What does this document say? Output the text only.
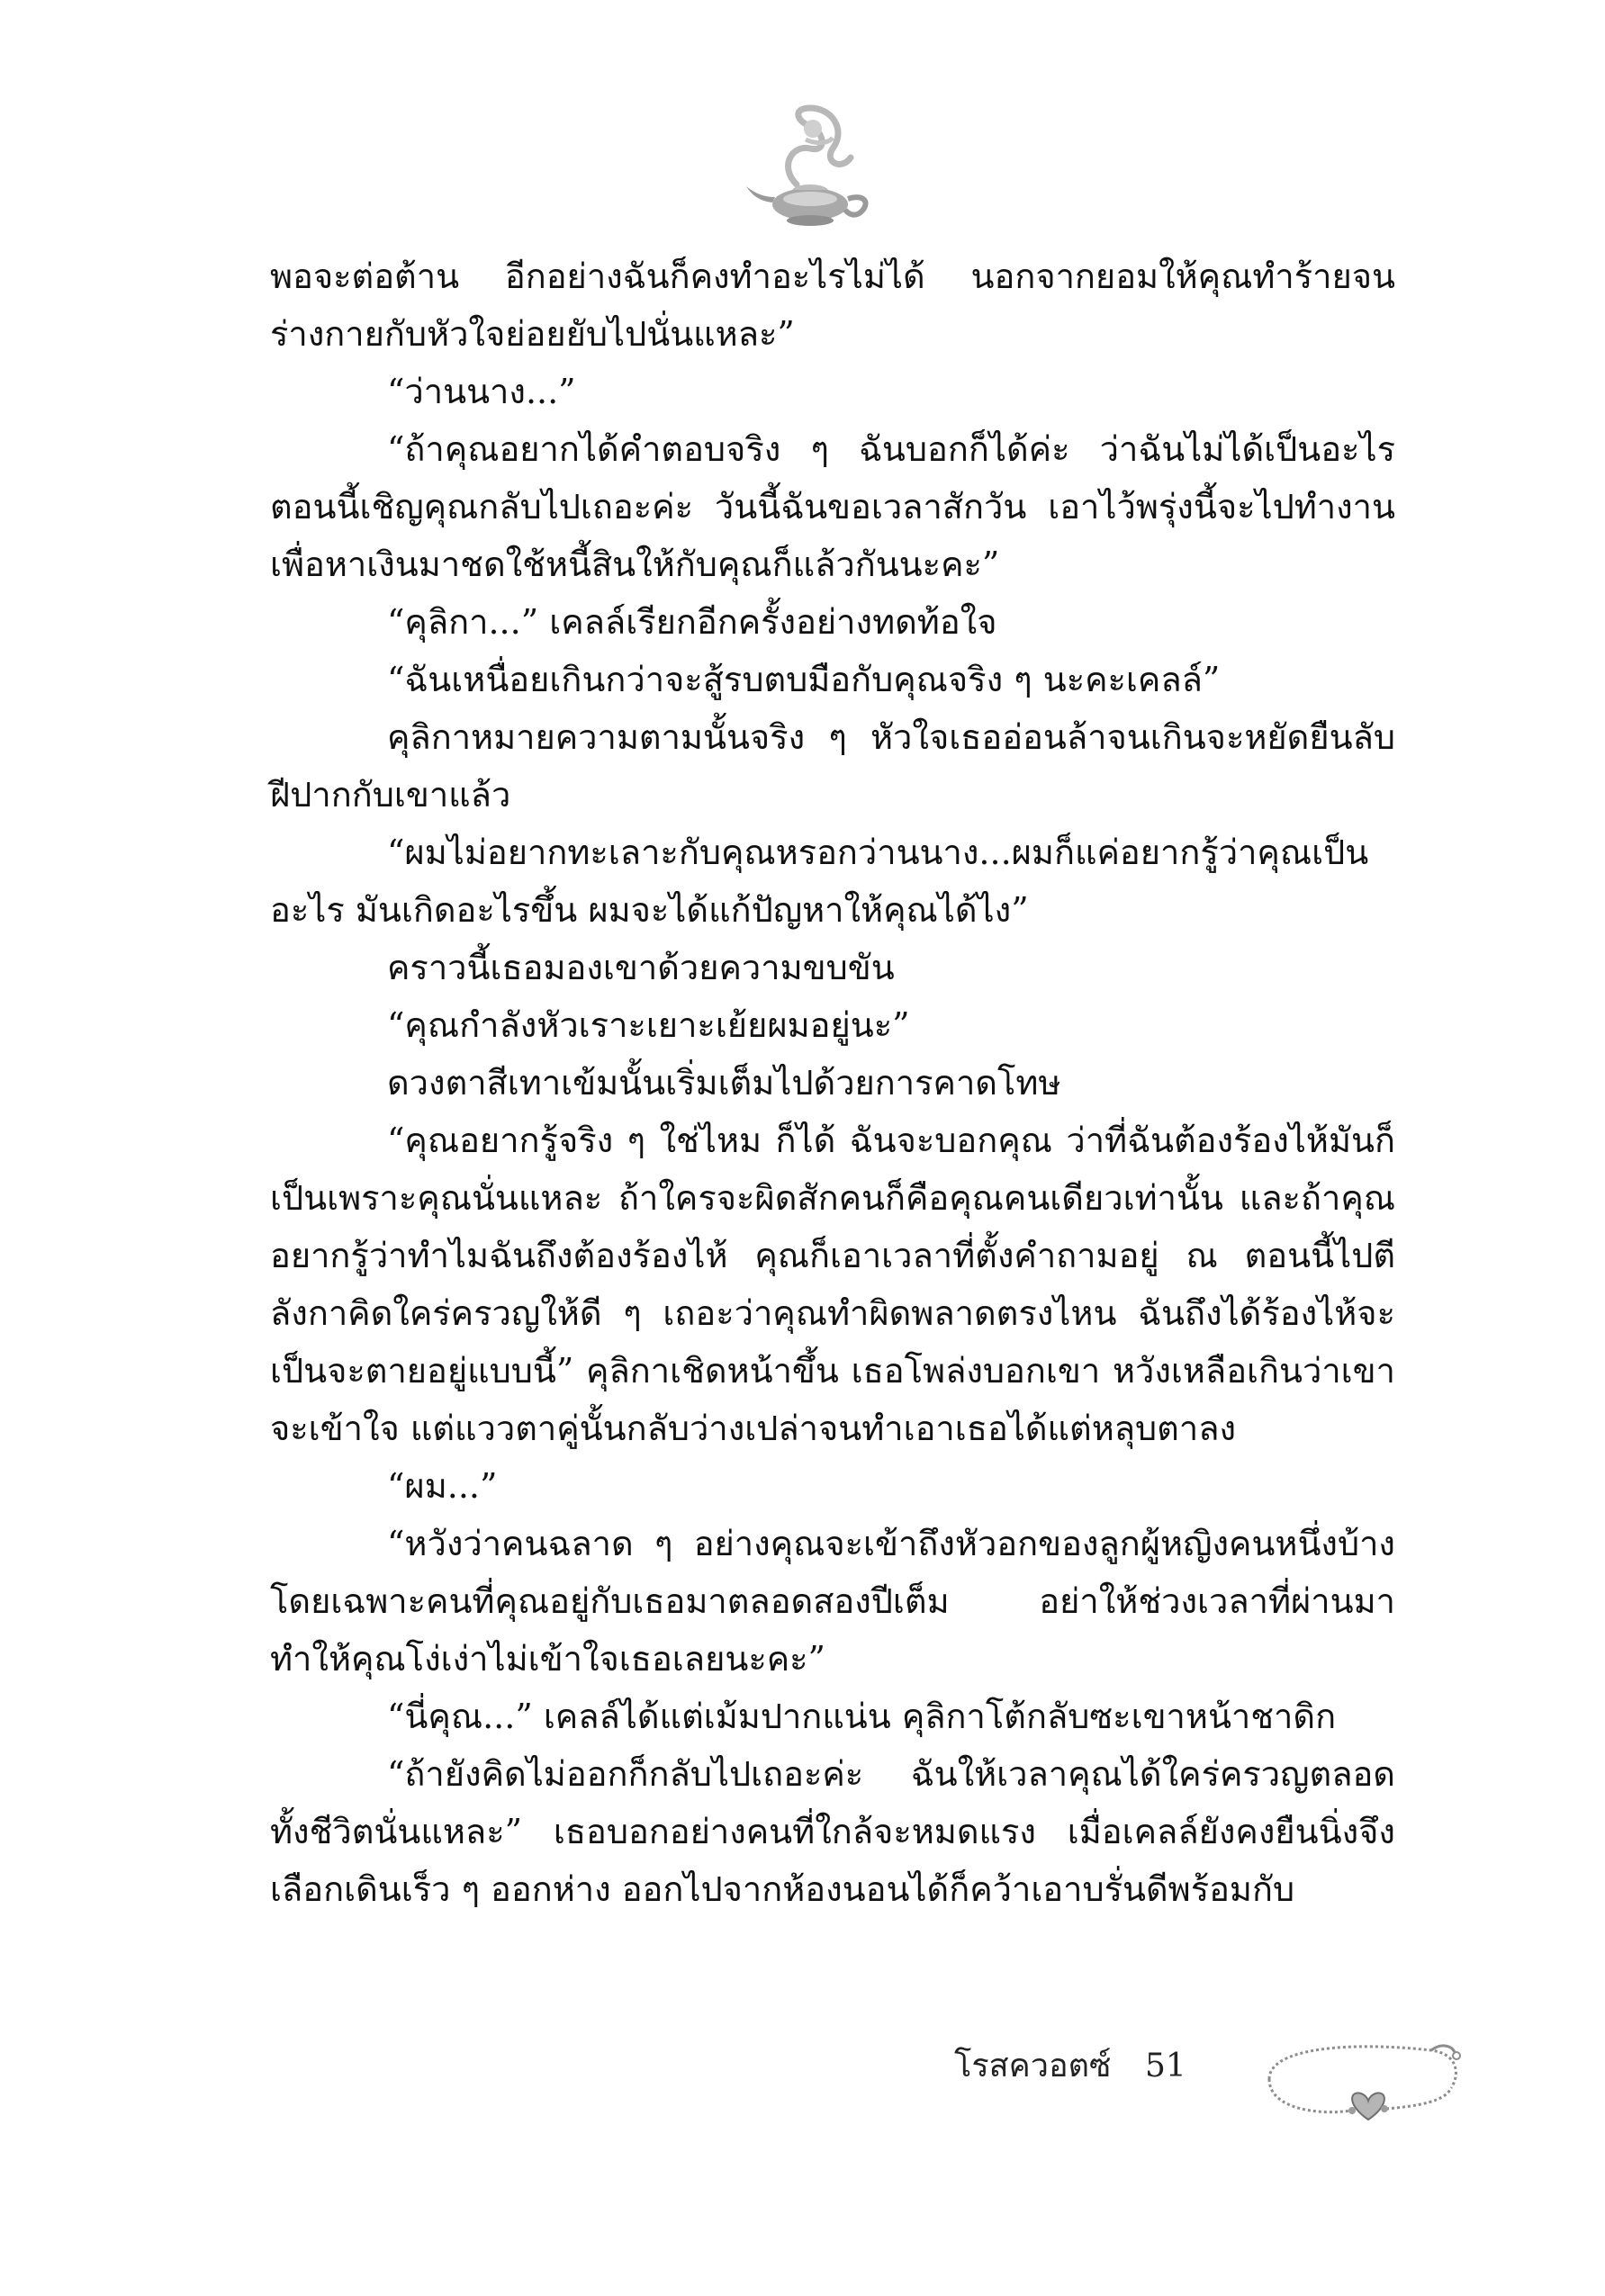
พอจะต่อต้าน อีกอย่างฉันก็คงทำอะไรไม่ได้ นอกจากยอมให้คุณทำร้ายจนร่างกายกับหัวใจย่อยยับไปนั่นแหละ”

“ว่านนาง...”

“ถ้าคุณอยากได้คำตอบจริง ๆ ฉันบอกก็ได้ค่ะ ว่าฉันไม่ได้เป็นอะไร ตอนนี้เชิญคุณกลับไปเถอะค่ะ วันนี้ฉันขอเวลาสักวัน เอาไว้พรุ่งนี้จะไปทำงานเพื่อหาเงินมาชดใช้หนี้สินให้กับคุณก็แล้วกันนะคะ”

“คุลิกา...” เคลล์เรียกอีกครั้งอย่างทดท้อใจ

“ฉันเหนื่อยเกินกว่าจะสู้รบตบมือกับคุณจริง ๆ นะคะเคลล์”

คุลิกาหมายความตามนั้นจริง ๆ หัวใจเธออ่อนล้าจนเกินจะหยัดยืนลับฝีปากกับเขาแล้ว

“ผมไม่อยากทะเลาะกับคุณหรอกว่านนาง...ผมก็แค่อยากรู้ว่าคุณเป็นอะไร มันเกิดอะไรขึ้น ผมจะได้แก้ปัญหาให้คุณได้ไง”

คราวนี้เธอมองเขาด้วยความขบขัน

“คุณกำลังหัวเราะเยาะเย้ยผมอยู่นะ”

ดวงตาสีเทาเข้มนั้นเริ่มเต็มไปด้วยการคาดโทษ

“คุณอยากรู้จริง ๆ ใช่ไหม ก็ได้ ฉันจะบอกคุณ ว่าที่ฉันต้องร้องไห้มันก็เป็นเพราะคุณนั่นแหละ ถ้าใครจะผิดสักคนก็คือคุณคนเดียวเท่านั้น และถ้าคุณอยากรู้ว่าทำไมฉันถึงต้องร้องไห้ คุณก็เอาเวลาที่ตั้งคำถามอยู่ ณ ตอนนี้ไปตีลังกาคิดใคร่ครวญให้ดี ๆ เถอะว่าคุณทำผิดพลาดตรงไหน ฉันถึงได้ร้องไห้จะเป็นจะตายอยู่แบบนี้” คุลิกาเชิดหน้าขึ้น เธอโพล่งบอกเขา หวังเหลือเกินว่าเขาจะเข้าใจ แต่แววตาคู่นั้นกลับว่างเปล่าจนทำเอาเธอได้แต่หลุบตาลง

“ผม...”

“หวังว่าคนฉลาด ๆ อย่างคุณจะเข้าถึงหัวอกของลูกผู้หญิงคนหนึ่งบ้าง โดยเฉพาะคนที่คุณอยู่กับเธอมาตลอดสองปีเต็ม อย่าให้ช่วงเวลาที่ผ่านมาทำให้คุณโง่เง่าไม่เข้าใจเธอเลยนะคะ”

“นี่คุณ...” เคลล์ได้แต่เม้มปากแน่น คุลิกาโต้กลับซะเขาหน้าชาดิก

“ถ้ายังคิดไม่ออกก็กลับไปเถอะค่ะ ฉันให้เวลาคุณได้ใคร่ครวญตลอดทั้งชีวิตนั่นแหละ” เธอบอกอย่างคนที่ใกล้จะหมดแรง เมื่อเคลล์ยังคงยืนนิ่งจึงเลือกเดินเร็ว ๆ ออกห่าง ออกไปจากห้องนอนได้ก็คว้าเอาบรั่นดีพร้อมกับ

โรสควอตซ์ 51
